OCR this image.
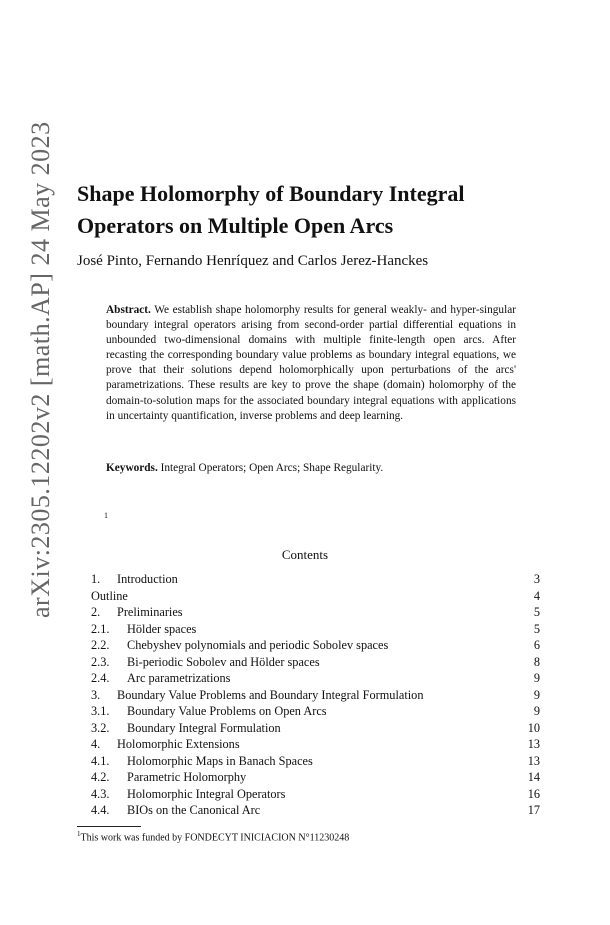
arXiv:2305.12202v2 [math.AP] 24 May 2023 Shape Holomorphy of Boundary Integral Operators on Multiple Open Arcs
José Pinto, Fernando Henríquez and Carlos Jerez-Hanckes

Abstract. We establish shape holomorphy results for general weakly- and hyper-singular boundary integral operators arising from second-order partial differential equations in unbounded two-dimensional domains with multiple finite-length open arcs. After recasting the corresponding boundary value problems as boundary integral equations, we prove that their solutions depend holomorphically upon perturbations of the arcs' parametrizations. These results are key to prove the shape (domain) holomorphy of the domain-to-solution maps for the associated boundary integral equations with applications in uncertainty quantification, inverse problems and deep learning.

Keywords. Integral Operators; Open Arcs; Shape Regularity.
1
Contents
1. Introduction	3
Outline	4
2. Preliminaries	5
2.1. Hölder spaces	5
2.2. Chebyshev polynomials and periodic Sobolev spaces	6
2.3. Bi-periodic Sobolev and Hölder spaces	8
2.4. Arc parametrizations	9
3. Boundary Value Problems and Boundary Integral Formulation	9
3.1. Boundary Value Problems on Open Arcs	9
3.2. Boundary Integral Formulation	10
4. Holomorphic Extensions	13
4.1. Holomorphic Maps in Banach Spaces	13
4.2. Parametric Holomorphy	14
4.3. Holomorphic Integral Operators	16
4.4. BIOs on the Canonical Arc	17
$^1$This work was funded by FONDECYT INICIACION N°11230248
